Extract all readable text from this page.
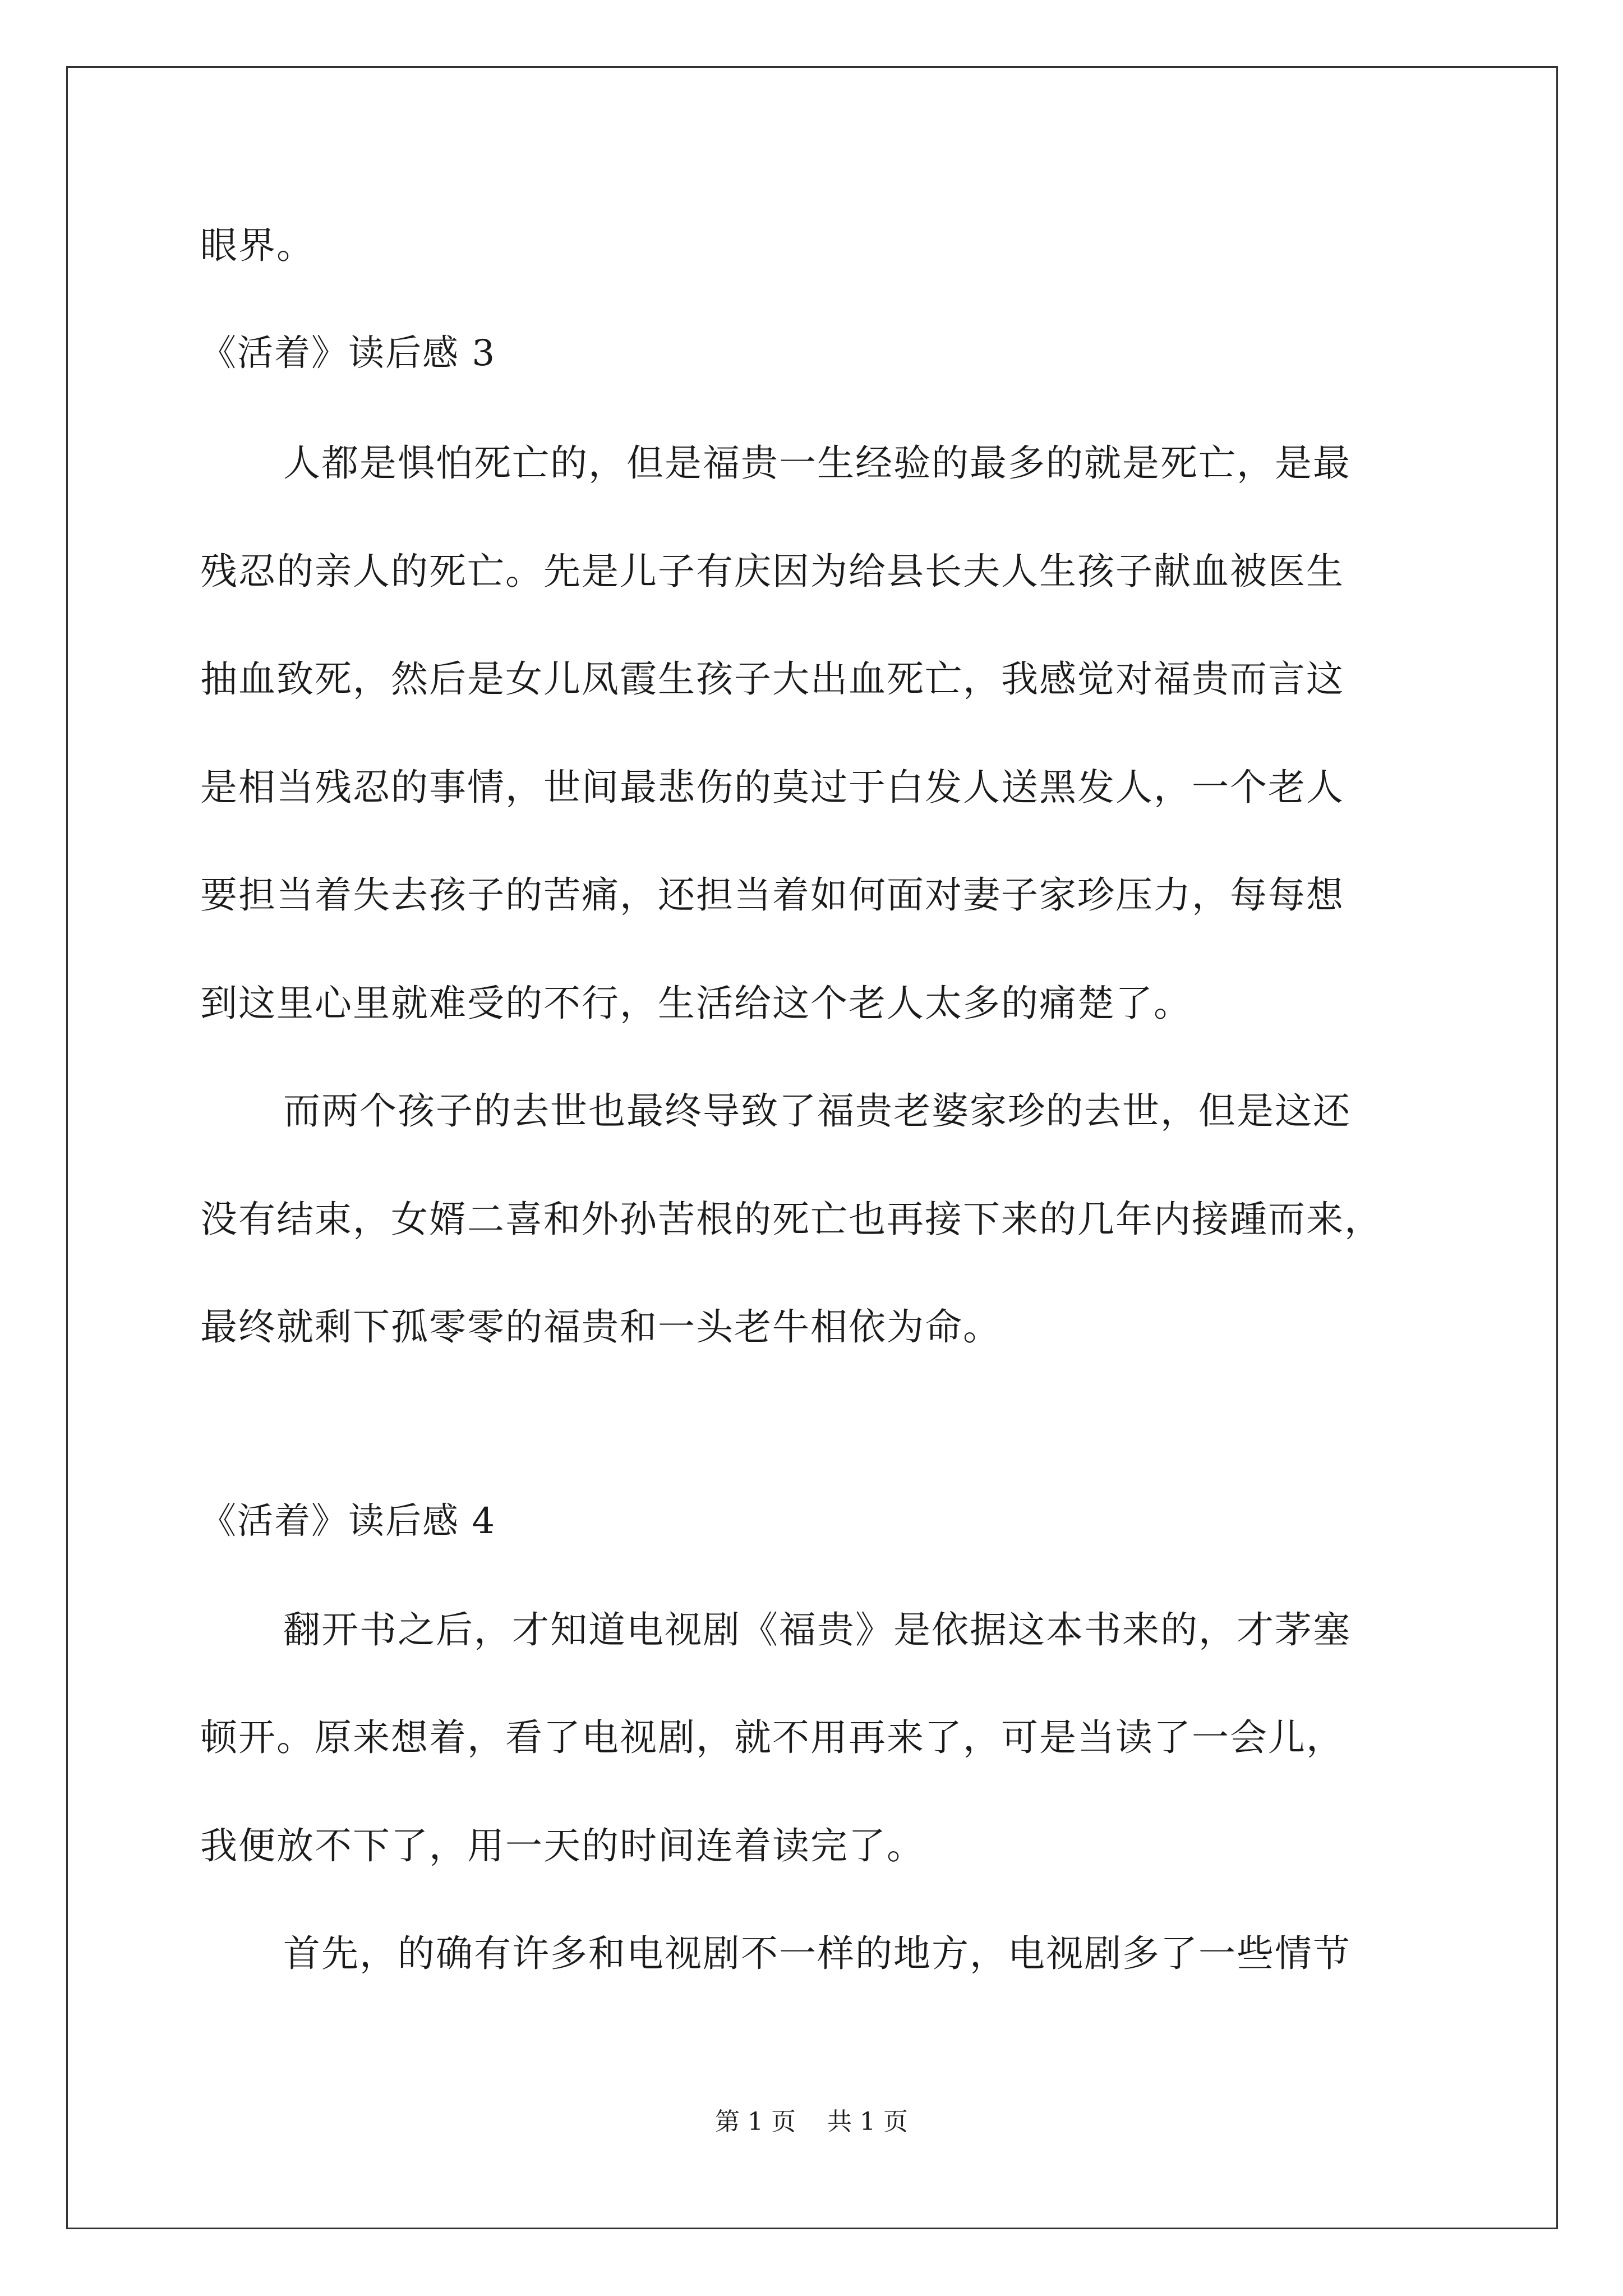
眼界。
《活着》读后感 3
人都是惧怕死亡的，但是福贵一生经验的最多的就是死亡，是最
残忍的亲人的死亡。先是儿子有庆因为给县长夫人生孩子献血被医生
抽血致死，然后是女儿凤霞生孩子大出血死亡，我感觉对福贵而言这
是相当残忍的事情，世间最悲伤的莫过于白发人送黑发人，一个老人
要担当着失去孩子的苦痛，还担当着如何面对妻子家珍压力，每每想
到这里心里就难受的不行，生活给这个老人太多的痛楚了。
而两个孩子的去世也最终导致了福贵老婆家珍的去世，但是这还
没有结束，女婿二喜和外孙苦根的死亡也再接下来的几年内接踵而来，
最终就剩下孤零零的福贵和一头老牛相依为命。
《活着》读后感 4
翻开书之后，才知道电视剧《福贵》是依据这本书来的，才茅塞
顿开。原来想着，看了电视剧，就不用再来了，可是当读了一会儿，
我便放不下了，用一天的时间连着读完了。
首先，的确有许多和电视剧不一样的地方，电视剧多了一些情节
第 1 页    共 1 页
